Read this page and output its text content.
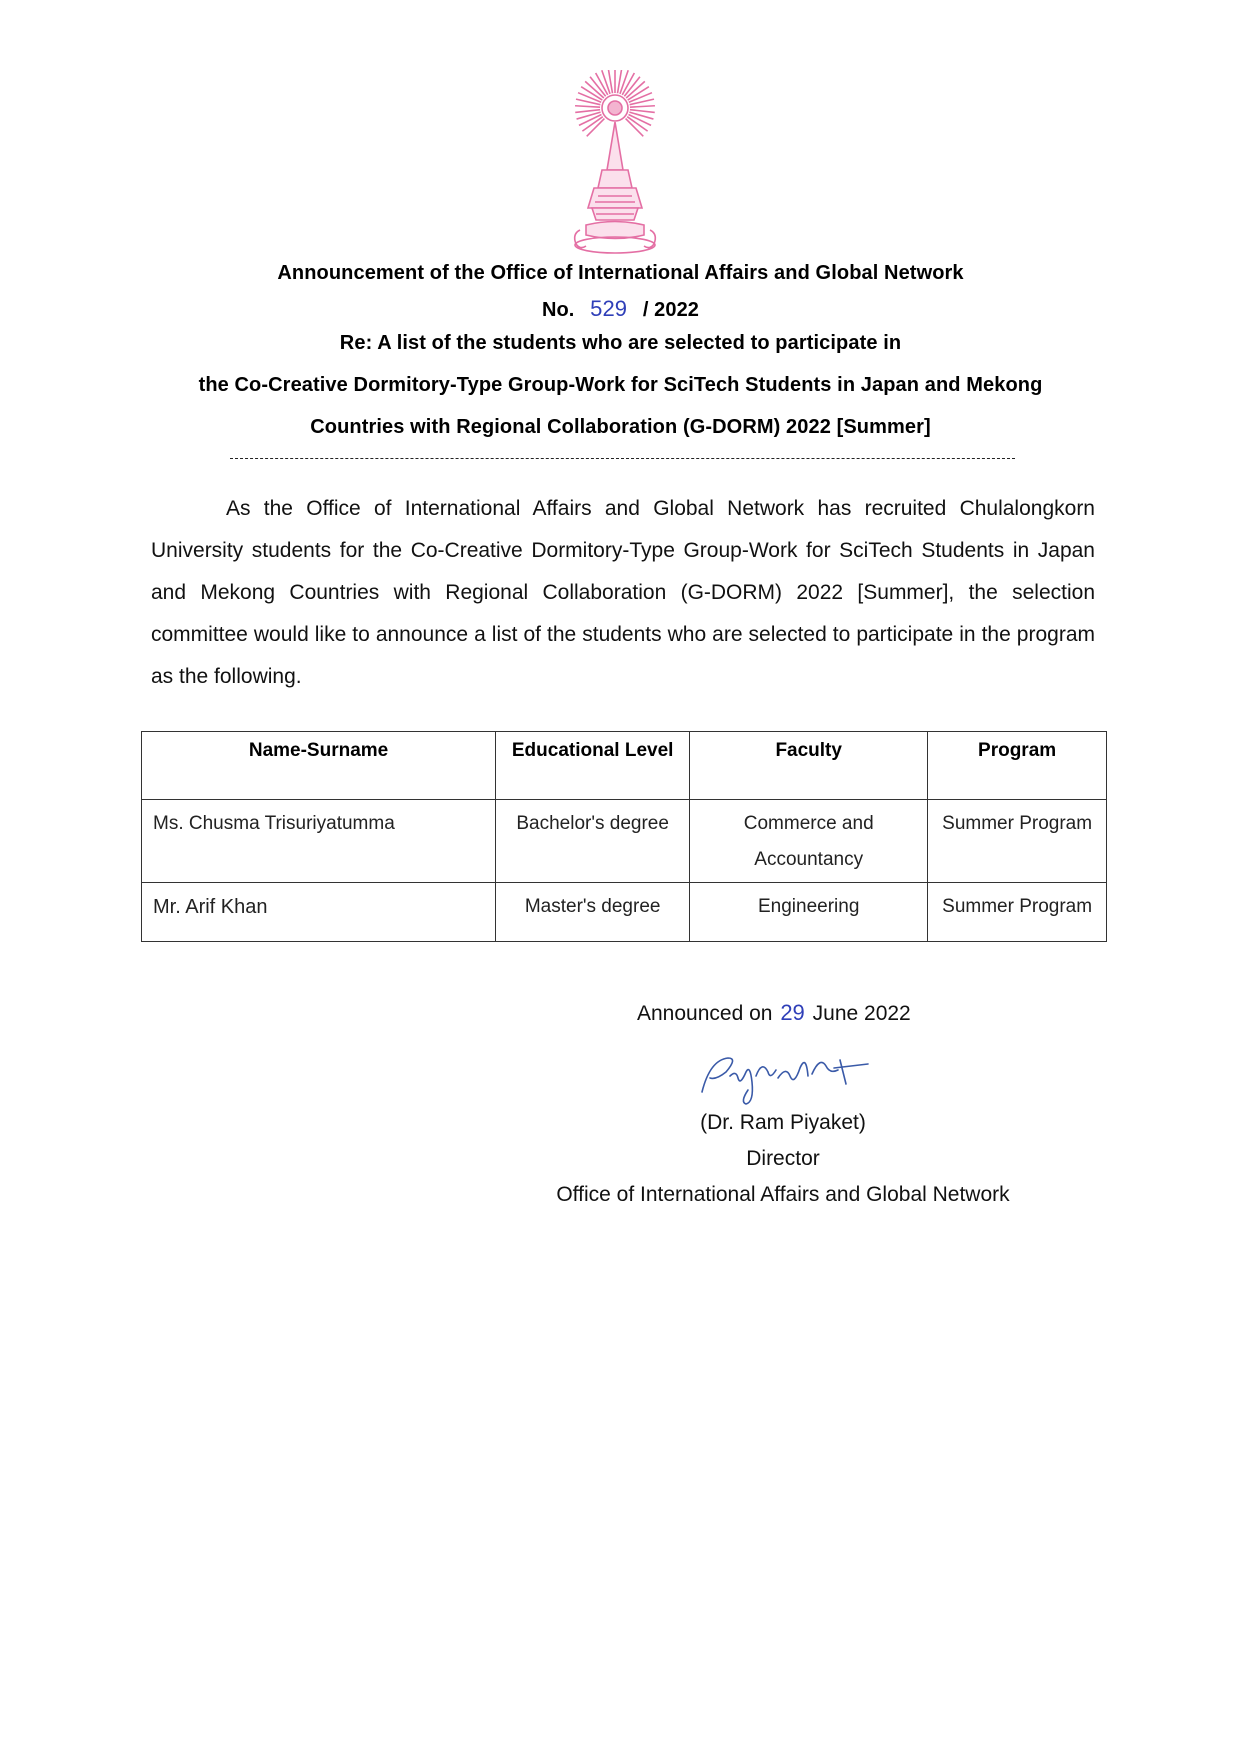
Announcement of the Office of International Affairs and Global Network
No. 529 / 2022
Re: A list of the students who are selected to participate in
the Co-Creative Dormitory-Type Group-Work for SciTech Students in Japan and Mekong
Countries with Regional Collaboration (G-DORM) 2022 [Summer]
As the Office of International Affairs and Global Network has recruited Chulalongkorn University students for the Co-Creative Dormitory-Type Group-Work for SciTech Students in Japan and Mekong Countries with Regional Collaboration (G-DORM) 2022 [Summer], the selection committee would like to announce a list of the students who are selected to participate in the program as the following.
Name-Surname	Educational Level	Faculty	Program
Ms. Chusma Trisuriyatumma	Bachelor's degree	Commerce and Accountancy	Summer Program
Mr. Arif Khan	Master's degree	Engineering	Summer Program
Announced on 29 June 2022
(Dr. Ram Piyaket)
Director
Office of International Affairs and Global Network
